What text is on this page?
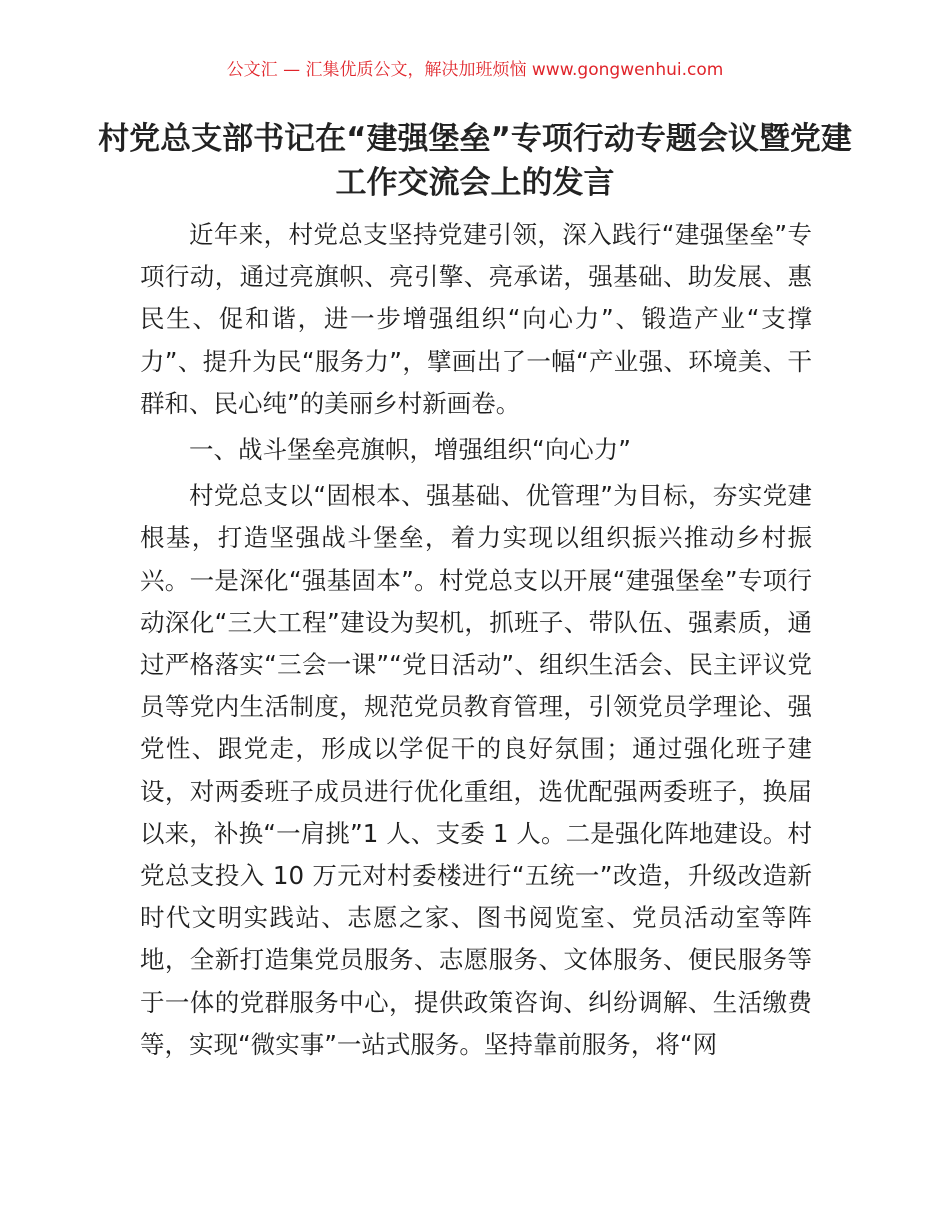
公文汇 — 汇集优质公文，解决加班烦恼 www.gongwenhui.com
村党总支部书记在“建强堡垒”专项行动专题会议暨党建工作交流会上的发言

近年来，村党总支坚持党建引领，深入践行“建强堡垒”专项行动，通过亮旗帜、亮引擎、亮承诺，强基础、助发展、惠民生、促和谐，进一步增强组织“向心力”、锻造产业“支撑力”、提升为民“服务力”，擘画出了一幅“产业强、环境美、干群和、民心纯”的美丽乡村新画卷。

一、战斗堡垒亮旗帜，增强组织“向心力”

村党总支以“固根本、强基础、优管理”为目标，夯实党建根基，打造坚强战斗堡垒，着力实现以组织振兴推动乡村振兴。一是深化“强基固本”。村党总支以开展“建强堡垒”专项行动深化“三大工程”建设为契机，抓班子、带队伍、强素质，通过严格落实“三会一课”“党日活动”、组织生活会、民主评议党员等党内生活制度，规范党员教育管理，引领党员学理论、强党性、跟党走，形成以学促干的良好氛围；通过强化班子建设，对两委班子成员进行优化重组，选优配强两委班子，换届以来，补换“一肩挑”1 人、支委 1 人。二是强化阵地建设。村党总支投入 10 万元对村委楼进行“五统一”改造，升级改造新时代文明实践站、志愿之家、图书阅览室、党员活动室等阵地，全新打造集党员服务、志愿服务、文体服务、便民服务等于一体的党群服务中心，提供政策咨询、纠纷调解、生活缴费等，实现“微实事”一站式服务。坚持靠前服务，将“网
